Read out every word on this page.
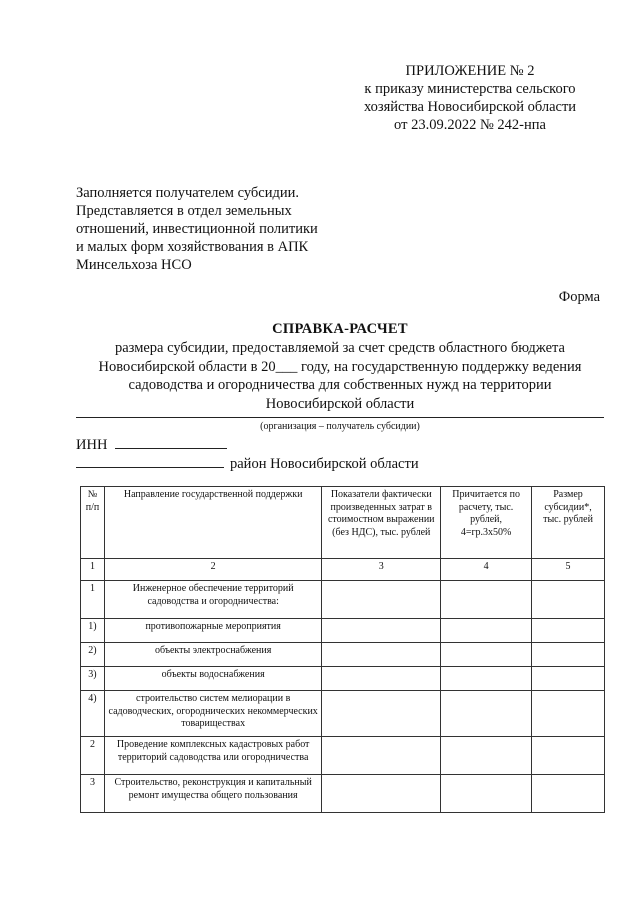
ПРИЛОЖЕНИЕ № 2
к приказу министерства сельского
хозяйства Новосибирской области
от 23.09.2022 № 242-нпа
Заполняется получателем субсидии.
Представляется в отдел земельных
отношений, инвестиционной политики
и малых форм хозяйствования в АПК
Минсельхоза НСО
Форма
СПРАВКА-РАСЧЕТ
размера субсидии, предоставляемой за счет средств областного бюджета
Новосибирской области в 20___ году, на государственную поддержку ведения
садоводства и огородничества для собственных нужд на территории
Новосибирской области
(организация – получатель субсидии)
ИНН
район Новосибирской области
№ п/п	Направление государственной поддержки	Показатели фактически произведенных затрат в стоимостном выражении (без НДС), тыс. рублей	Причитается по расчету, тыс. рублей, 4=гр.3х50%	Размер субсидии*, тыс. рублей
1	2	3	4	5
1	Инженерное обеспечение территорий садоводства и огородничества:			
1)	противопожарные мероприятия			
2)	объекты электроснабжения			
3)	объекты водоснабжения			
4)	строительство систем мелиорации в садоводческих, огороднических некоммерческих товариществах			
2	Проведение комплексных кадастровых работ территорий садоводства или огородничества			
3	Строительство, реконструкция и капитальный ремонт имущества общего пользования			
